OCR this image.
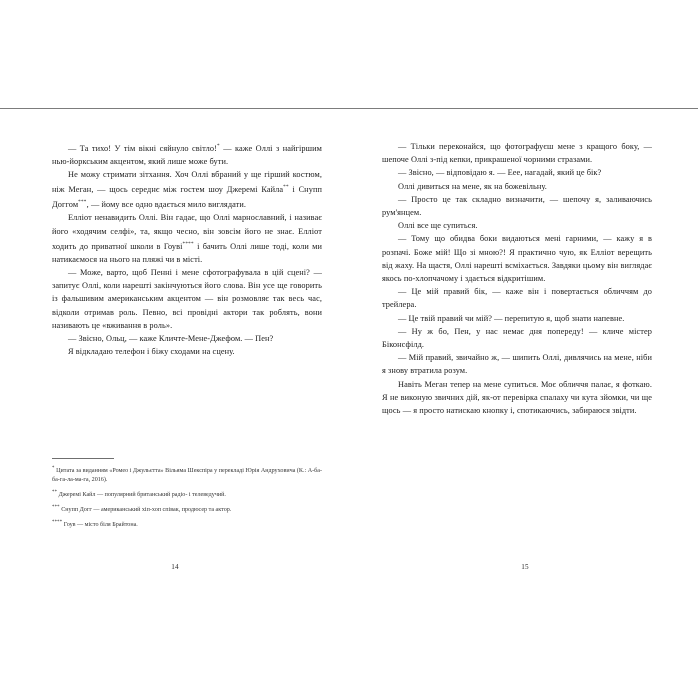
— Та тихо! У тім вікні сяйнуло світло!* — каже Оллі з найгіршим нью-йоркським акцентом, який лише може бути.

Не можу стримати зітхання. Хоч Оллі вбраний у ще гірший костюм, ніж Меган, — щось середнє між гостем шоу Джеремі Кайла** і Снупп Доггом***, — йому все одно вдається мило виглядати.

Елліот ненавидить Оллі. Він гадає, що Оллі марнославний, і називає його «ходячим селфі», та, якщо чесно, він зовсім його не знає. Елліот ходить до приватної школи в Гоуві**** і бачить Оллі лише тоді, коли ми натикаємося на нього на пляжі чи в місті.

— Може, варто, щоб Пенні і мене сфотографувала в цій сцені? — запитує Оллі, коли нарешті закінчуються його слова. Він усе ще говорить із фальшивим американським акцентом — він розмовляє так весь час, відколи отримав роль. Певно, всі провідні актори так роблять, вони називають це «вживання в роль».

— Звісно, Ольц, — каже Кличте-Мене-Джефом. — Пен?

Я відкладаю телефон і біжу сходами на сцену.

* Цитата за виданням «Ромео і Джульєтта» Вільяма Шекспіра у перекладі Юрія Андруховича (К.: А-ба-ба-га-ла-ма-га, 2016).

** Джеремі Кайл — популярний британський радіо- і телеведучий.

*** Снупп Догг — американський хіп-хоп співак, продюсер та актор.

**** Гоув — місто біля Брайтона.

— Тільки переконайся, що фотографуєш мене з кращого боку, — шепоче Оллі з-під кепки, прикрашеної чорними стразами.

— Звісно, — відповідаю я. — Еее, нагадай, який це бік?

Оллі дивиться на мене, як на божевільну.

— Просто це так складно визначити, — шепочу я, заливаючись рум'янцем.

Оллі все ще супиться.

— Тому що обидва боки видаються мені гарними, — кажу я в розпачі. Боже мій! Що зі мною?! Я практично чую, як Елліот верещить від жаху. На щастя, Оллі нарешті всміхається. Завдяки цьому він виглядає якось по-хлопчачому і здається відкритішим.

— Це мій правий бік, — каже він і повертається обличчям до трейлера.

— Це твій правий чи мій? — перепитую я, щоб знати напевне.

— Ну ж бо, Пен, у нас немає дня попереду! — кличе містер Біконсфілд.

— Мій правий, звичайно ж, — шипить Оллі, дивлячись на мене, ніби я знову втратила розум.

Навіть Меган тепер на мене супиться. Моє обличчя палає, я фоткаю. Я не виконую звичних дій, як-от перевірка спалаху чи кута зйомки, чи ще щось — я просто натискаю кнопку і, спотикаючись, забираюся звідти.

14	15
